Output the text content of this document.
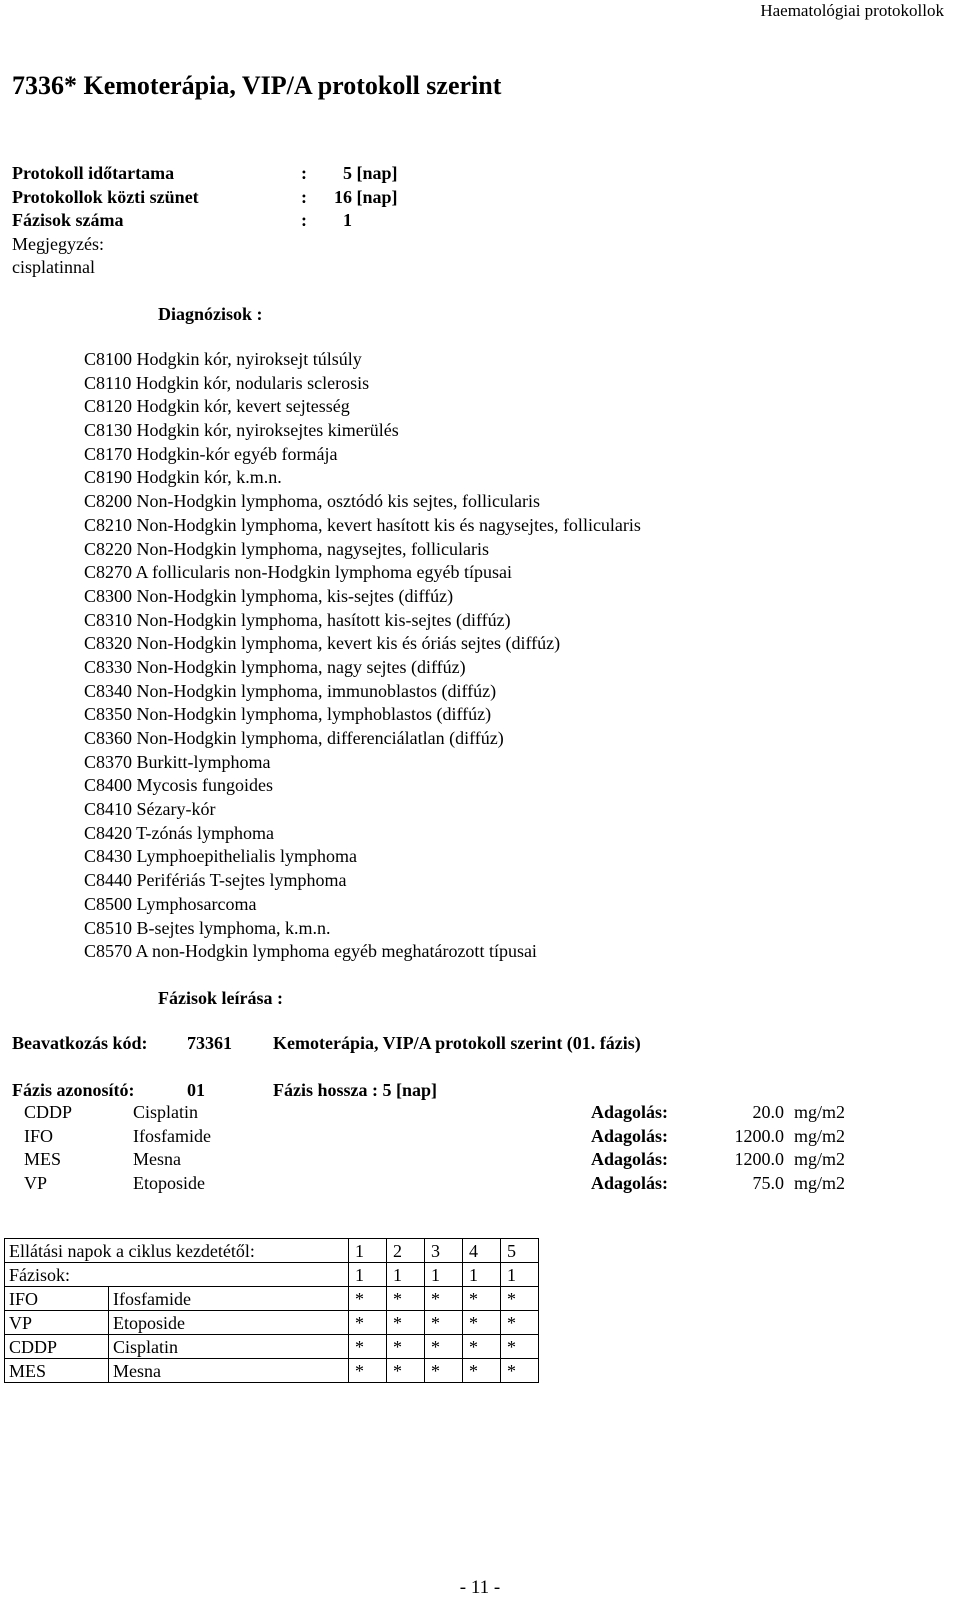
Haematológiai protokollok
7336* Kemoterápia, VIP/A protokoll szerint
Protokoll időtartama	: 5 [nap]
Protokollok közti szünet	: 16 [nap]
Fázisok száma	: 1
Megjegyzés:
cisplatinnal
Diagnózisok :
C8100 Hodgkin kór, nyiroksejt túlsúly
C8110 Hodgkin kór, nodularis sclerosis
C8120 Hodgkin kór, kevert sejtesség
C8130 Hodgkin kór, nyiroksejtes kimerülés
C8170 Hodgkin-kór egyéb formája
C8190 Hodgkin kór, k.m.n.
C8200 Non-Hodgkin lymphoma, osztódó kis sejtes, follicularis
C8210 Non-Hodgkin lymphoma, kevert hasított kis és nagysejtes, follicularis
C8220 Non-Hodgkin lymphoma, nagysejtes, follicularis
C8270 A follicularis non-Hodgkin lymphoma egyéb típusai
C8300 Non-Hodgkin lymphoma, kis-sejtes (diffúz)
C8310 Non-Hodgkin lymphoma, hasított kis-sejtes (diffúz)
C8320 Non-Hodgkin lymphoma, kevert kis és óriás sejtes (diffúz)
C8330 Non-Hodgkin lymphoma, nagy sejtes (diffúz)
C8340 Non-Hodgkin lymphoma, immunoblastos (diffúz)
C8350 Non-Hodgkin lymphoma, lymphoblastos (diffúz)
C8360 Non-Hodgkin lymphoma, differenciálatlan (diffúz)
C8370 Burkitt-lymphoma
C8400 Mycosis fungoides
C8410 Sézary-kór
C8420 T-zónás lymphoma
C8430 Lymphoepithelialis lymphoma
C8440 Perifériás T-sejtes lymphoma
C8500 Lymphosarcoma
C8510 B-sejtes lymphoma, k.m.n.
C8570 A non-Hodgkin lymphoma egyéb meghatározott típusai
Fázisok leírása :
Beavatkozás kód: 73361 Kemoterápia, VIP/A protokoll szerint (01. fázis)
Fázis azonosító:	01	Fázis hossza : 5 [nap]
CDDP	Cisplatin	Adagolás:	20.0 mg/m2
IFO	Ifosfamide	Adagolás:	1200.0 mg/m2
MES	Mesna	Adagolás:	1200.0 mg/m2
VP	Etoposide	Adagolás:	75.0 mg/m2
Ellátási napok a ciklus kezdetétől:		1	2	3	4	5
Fázisok:		1	1	1	1	1
IFO	Ifosfamide	*	*	*	*	*
VP	Etoposide	*	*	*	*	*
CDDP	Cisplatin	*	*	*	*	*
MES	Mesna	*	*	*	*	*
- 11 -
